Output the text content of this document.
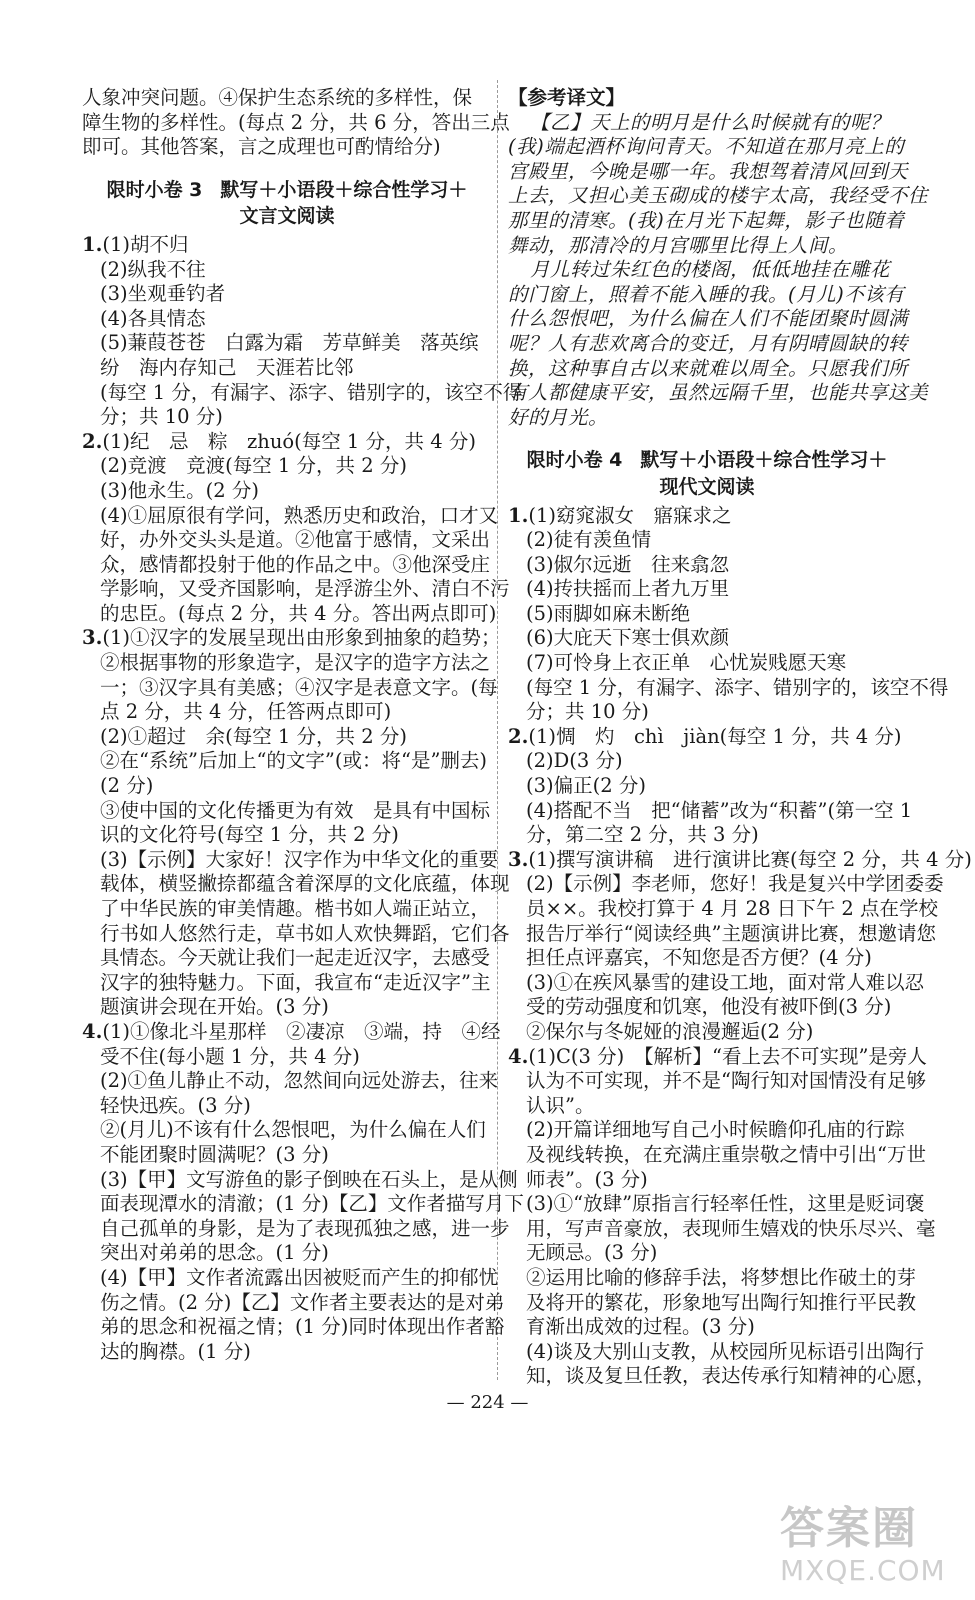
人象冲突问题。④保护生态系统的多样性，保
障生物的多样性。(每点 2 分，共 6 分，答出三点
即可。其他答案，言之成理也可酌情给分)
限时小卷 3 默写＋小语段＋综合性学习＋
文言文阅读
1.(1)胡不归
(2)纵我不往
(3)坐观垂钓者
(4)各具情态
(5)蒹葭苍苍　白露为霜　芳草鲜美　落英缤
纷　海内存知己　天涯若比邻
(每空 1 分，有漏字、添字、错别字的，该空不得
分；共 10 分)
2.(1)纪　忌　粽　zhuó(每空 1 分，共 4 分)
(2)竞渡　竞渡(每空 1 分，共 2 分)
(3)他永生。(2 分)
(4)①屈原很有学问，熟悉历史和政治，口才又
好，办外交头头是道。②他富于感情，文采出
众，感情都投射于他的作品之中。③他深受庄
学影响，又受齐国影响，是浮游尘外、清白不污
的忠臣。(每点 2 分，共 4 分。答出两点即可)
3.(1)①汉字的发展呈现出由形象到抽象的趋势；
②根据事物的形象造字，是汉字的造字方法之
一；③汉字具有美感；④汉字是表意文字。(每
点 2 分，共 4 分，任答两点即可)
(2)①超过　余(每空 1 分，共 2 分)
②在“系统”后加上“的文字”(或：将“是”删去)
(2 分)
③使中国的文化传播更为有效　是具有中国标
识的文化符号(每空 1 分，共 2 分)
(3)【示例】大家好！汉字作为中华文化的重要
载体，横竖撇捺都蕴含着深厚的文化底蕴，体现
了中华民族的审美情趣。楷书如人端正站立，
行书如人悠然行走，草书如人欢快舞蹈，它们各
具情态。今天就让我们一起走近汉字，去感受
汉字的独特魅力。下面，我宣布“走近汉字”主
题演讲会现在开始。(3 分)
4.(1)①像北斗星那样　②凄凉　③端，持　④经
受不住(每小题 1 分，共 4 分)
(2)①鱼儿静止不动，忽然间向远处游去，往来
轻快迅疾。(3 分)
②(月儿)不该有什么怨恨吧，为什么偏在人们
不能团聚时圆满呢？(3 分)
(3)【甲】文写游鱼的影子倒映在石头上，是从侧
面表现潭水的清澈；(1 分)【乙】文作者描写月下
自己孤单的身影，是为了表现孤独之感，进一步
突出对弟弟的思念。(1 分)
(4)【甲】文作者流露出因被贬而产生的抑郁忧
伤之情。(2 分)【乙】文作者主要表达的是对弟
弟的思念和祝福之情；(1 分)同时体现出作者豁
达的胸襟。(1 分)
【参考译文】
【乙】天上的明月是什么时候就有的呢？
(我)端起酒杯询问青天。不知道在那月亮上的
宫殿里，今晚是哪一年。我想驾着清风回到天
上去，又担心美玉砌成的楼宇太高，我经受不住
那里的清寒。(我)在月光下起舞，影子也随着
舞动，那清冷的月宫哪里比得上人间。
月儿转过朱红色的楼阁，低低地挂在雕花
的门窗上，照着不能入睡的我。(月儿)不该有
什么怨恨吧，为什么偏在人们不能团聚时圆满
呢？人有悲欢离合的变迁，月有阴晴圆缺的转
换，这种事自古以来就难以周全。只愿我们所
有人都健康平安，虽然远隔千里，也能共享这美
好的月光。
限时小卷 4 默写＋小语段＋综合性学习＋
现代文阅读
1.(1)窈窕淑女　寤寐求之
(2)徒有羡鱼情
(3)俶尔远逝　往来翕忽
(4)抟扶摇而上者九万里
(5)雨脚如麻未断绝
(6)大庇天下寒士俱欢颜
(7)可怜身上衣正单　心忧炭贱愿天寒
(每空 1 分，有漏字、添字、错别字的，该空不得
分；共 10 分)
2.(1)惆　灼　chì　jiàn(每空 1 分，共 4 分)
(2)D(3 分)
(3)偏正(2 分)
(4)搭配不当　把“储蓄”改为“积蓄”(第一空 1
分，第二空 2 分，共 3 分)
3.(1)撰写演讲稿　进行演讲比赛(每空 2 分，共 4 分)
(2)【示例】李老师，您好！我是复兴中学团委委
员××。我校打算于 4 月 28 日下午 2 点在学校
报告厅举行“阅读经典”主题演讲比赛，想邀请您
担任点评嘉宾，不知您是否方便？(4 分)
(3)①在疾风暴雪的建设工地，面对常人难以忍
受的劳动强度和饥寒，他没有被吓倒(3 分)
②保尔与冬妮娅的浪漫邂逅(2 分)
4.(1)C(3 分)　【解析】“看上去不可实现”是旁人
认为不可实现，并不是“陶行知对国情没有足够
认识”。
(2)开篇详细地写自己小时候瞻仰孔庙的行踪
及视线转换，在充满庄重崇敬之情中引出“万世
师表”。(3 分)
(3)①“放肆”原指言行轻率任性，这里是贬词褒
用，写声音豪放，表现师生嬉戏的快乐尽兴、毫
无顾忌。(3 分)
②运用比喻的修辞手法，将梦想比作破土的芽
及将开的繁花，形象地写出陶行知推行平民教
育渐出成效的过程。(3 分)
(4)谈及大别山支教，从校园所见标语引出陶行
知，谈及复旦任教，表达传承行知精神的心愿，
— 224 —
答案圈
MXQE.COM
